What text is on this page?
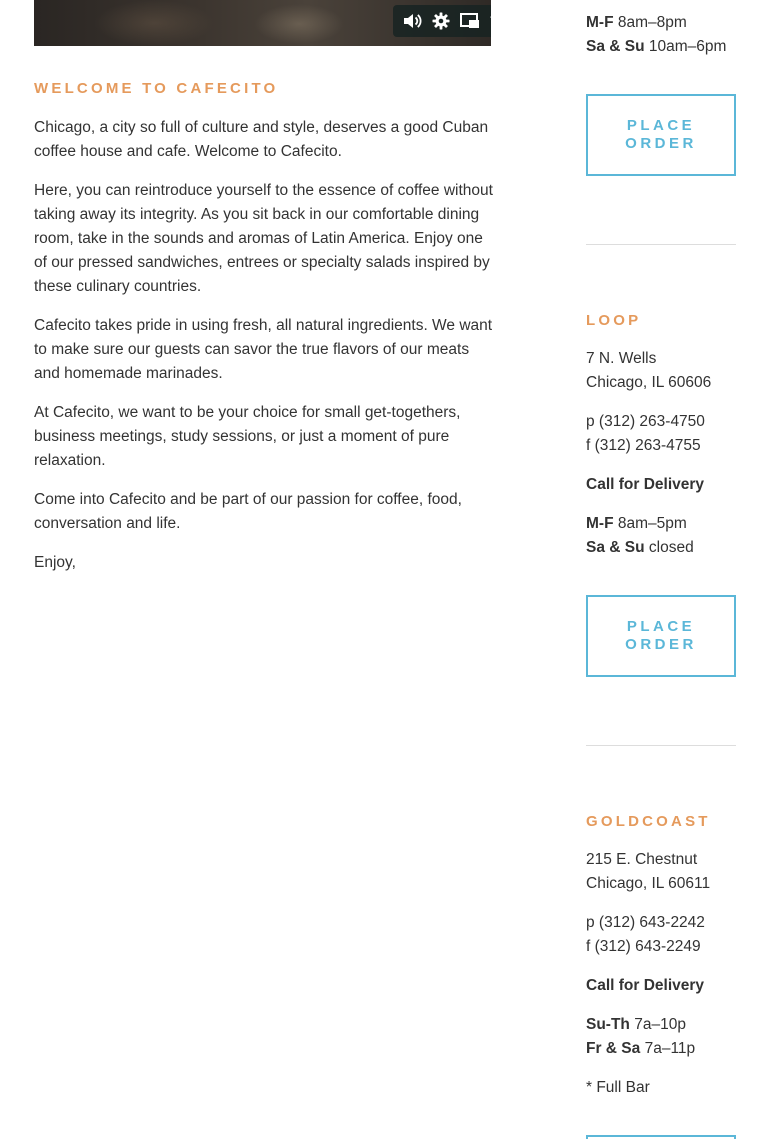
WELCOME TO CAFECITO

Chicago, a city so full of culture and style, deserves a good Cuban coffee house and cafe. Welcome to Cafecito.

Here, you can reintroduce yourself to the essence of coffee without taking away its integrity. As you sit back in our comfortable dining room, take in the sounds and aromas of Latin America. Enjoy one of our pressed sandwiches, entrees or specialty salads inspired by these culinary countries.

Cafecito takes pride in using fresh, all natural ingredients. We want to make sure our guests can savor the true flavors of our meats and homemade marinades.

At Cafecito, we want to be your choice for small get-togethers, business meetings, study sessions, or just a moment of pure relaxation.

Come into Cafecito and be part of our passion for coffee, food, conversation and life.

Enjoy,

M-F 8am–8pm

Sa & Su 10am–6pm

PLACE ORDER

LOOP

7 N. Wells

Chicago, IL 60606

p (312) 263-4750

f (312) 263-4755

Call for Delivery

M-F 8am–5pm

Sa & Su closed

PLACE ORDER

GOLDCOAST

215 E. Chestnut

Chicago, IL 60611

p (312) 643-2242

f (312) 643-2249

Call for Delivery

Su-Th 7a–10p

Fr & Sa 7a–11p

* Full Bar
